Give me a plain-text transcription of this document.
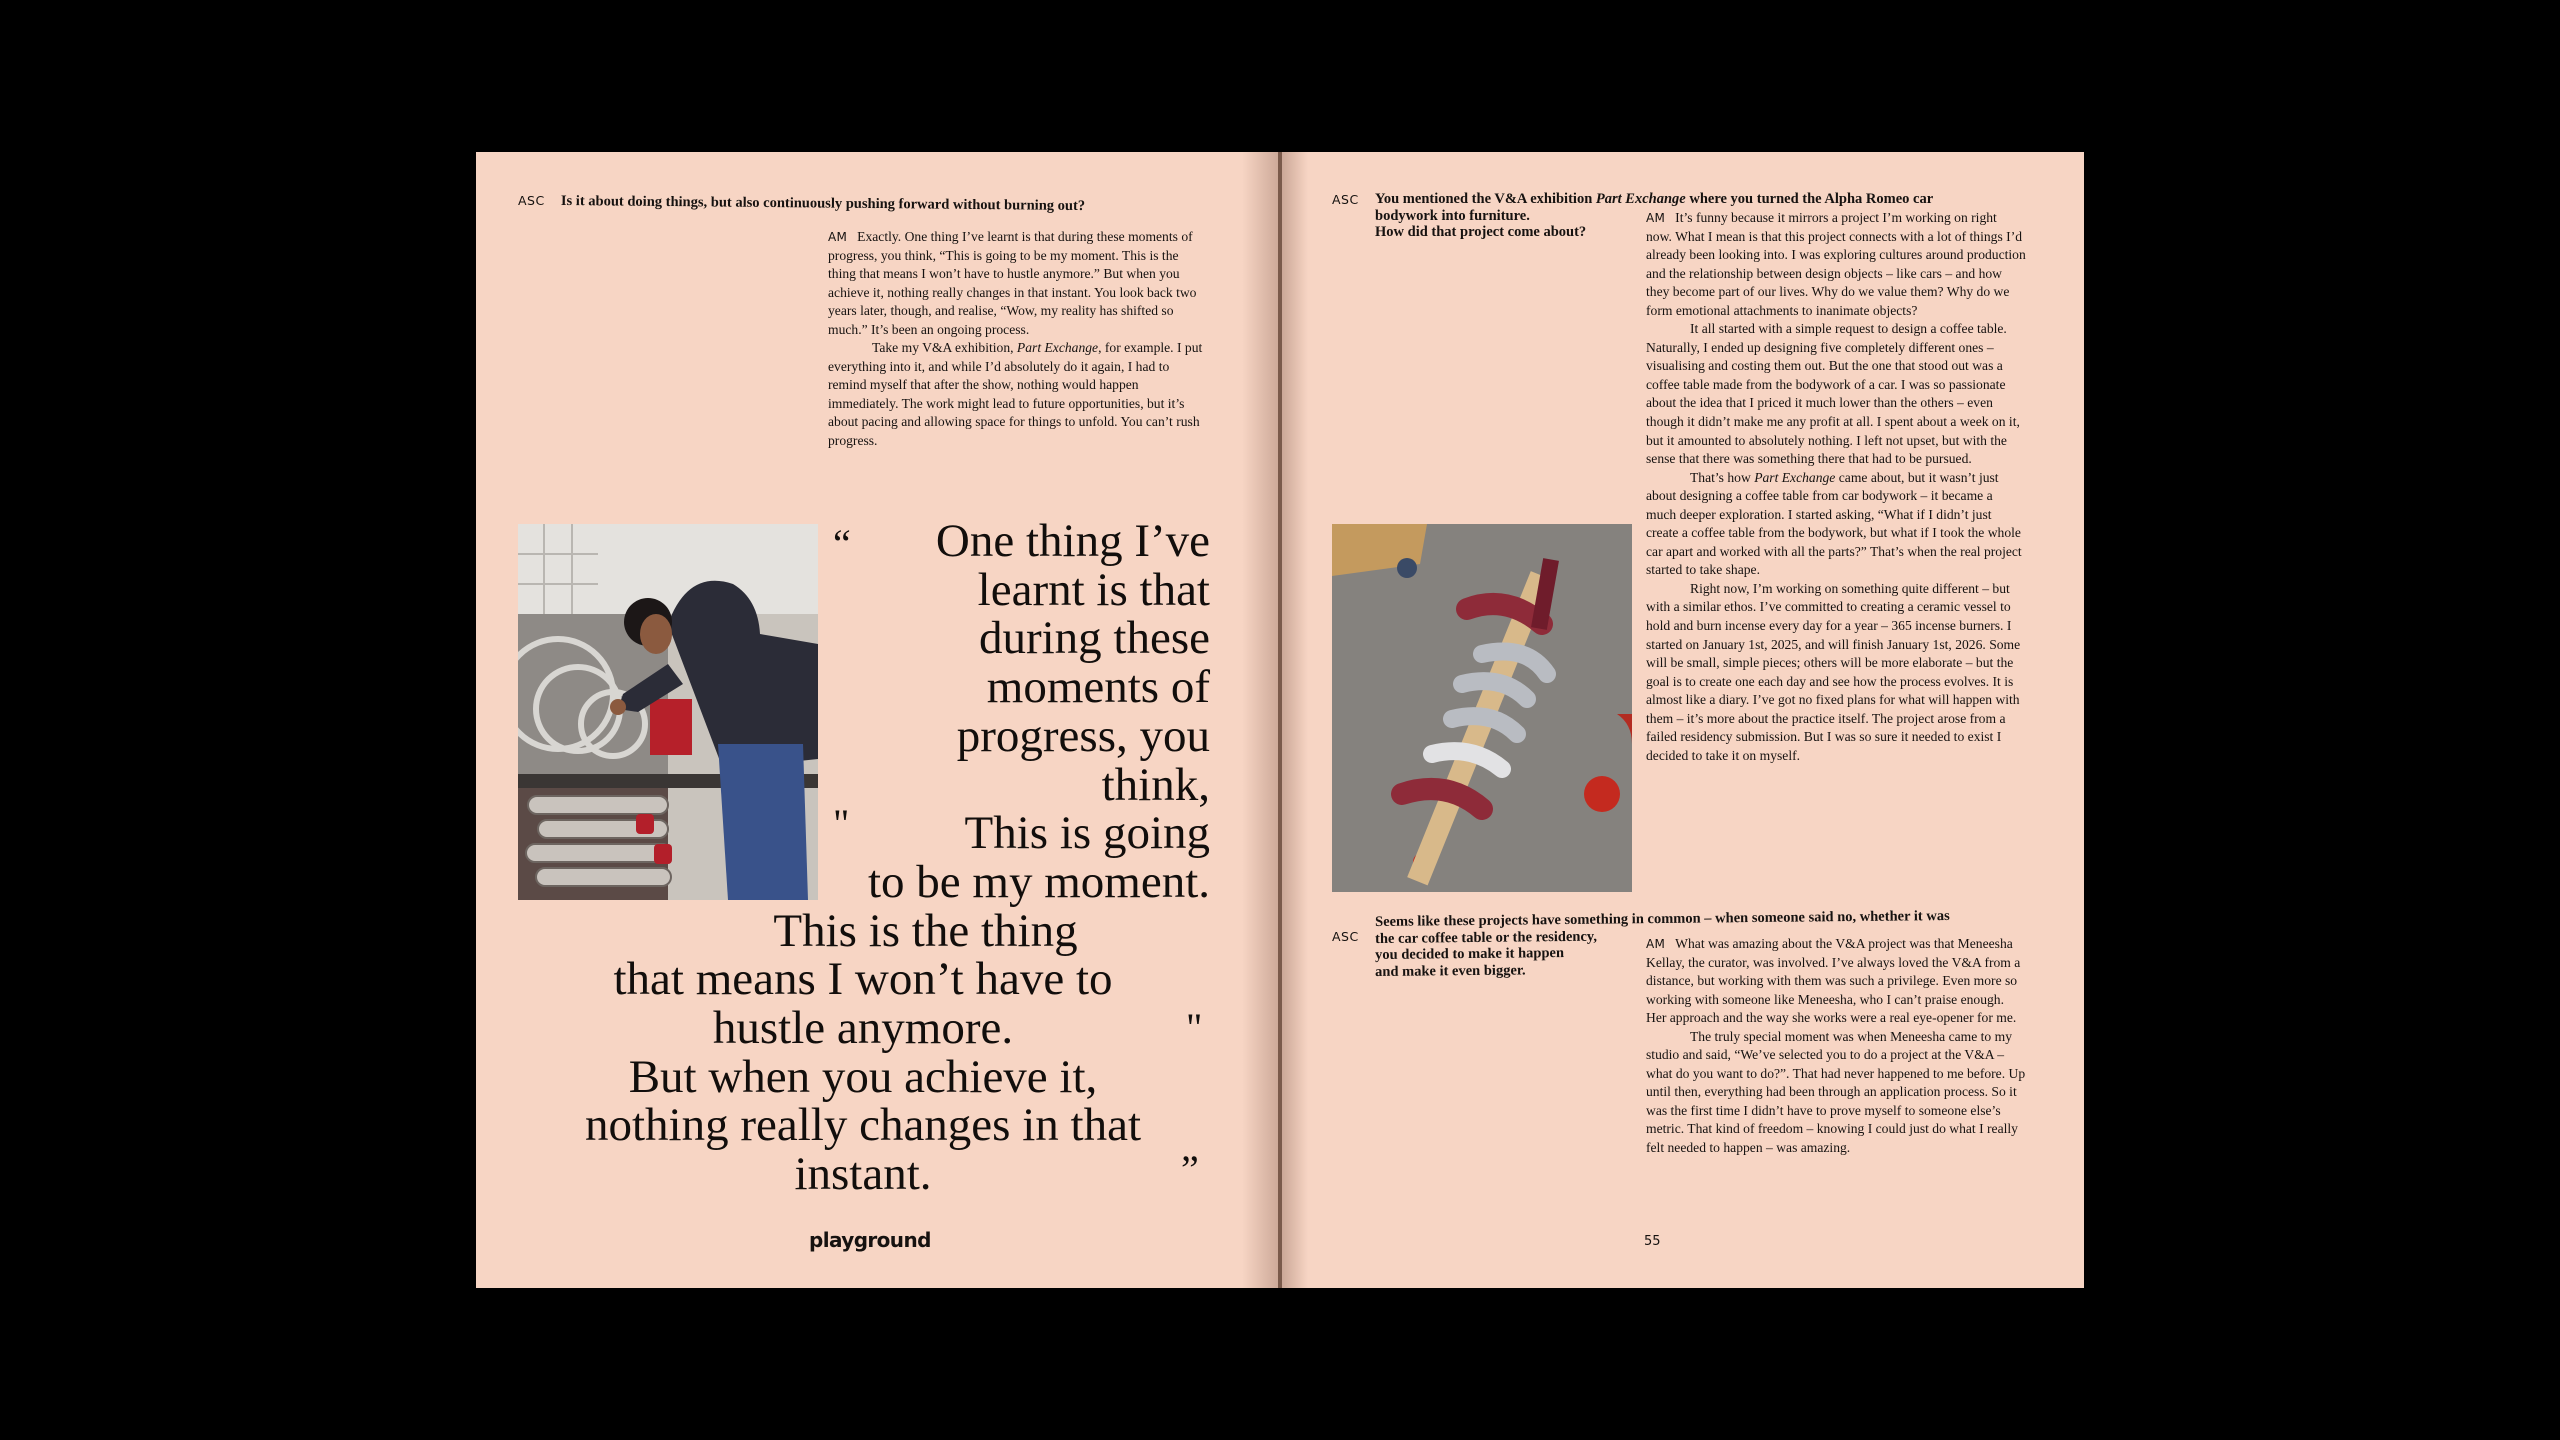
ASC Is it about doing things, but also continuously pushing forward without burning out?

AM Exactly. One thing I’ve learnt is that during these moments of progress, you think, “This is going to be my moment. This is the thing that means I won’t have to hustle anymore.” But when you achieve it, nothing really changes in that instant. You look back two years later, though, and realise, “Wow, my reality has shifted so much.” It’s been an ongoing process.

Take my V&A exhibition, Part Exchange, for example. I put everything into it, and while I’d absolutely do it again, I had to remind myself that after the show, nothing would happen immediately. The work might lead to future opportunities, but it’s about pacing and allowing space for things to unfold. You can’t rush progress.

“
"
"
”
One thing I’ve
learnt is that
during these
moments of
progress, you
think,
This is going
to be my moment.
This is the thing
that means I won’t have to
hustle anymore.
But when you achieve it,
nothing really changes in that
instant.
playground
ASC You mentioned the V&A exhibition Part Exchange where you turned the Alpha Romeo car
bodywork into furniture.
How did that project come about?

AM It’s funny because it mirrors a project I’m working on right now. What I mean is that this project connects with a lot of things I’d already been looking into. I was exploring cultures around production and the relationship between design objects – like cars – and how they become part of our lives. Why do we value them? Why do we form emotional attachments to inanimate objects?

It all started with a simple request to design a coffee table. Naturally, I ended up designing five completely different ones – visualising and costing them out. But the one that stood out was a coffee table made from the bodywork of a car. I was so passionate about the idea that I priced it much lower than the others – even though it didn’t make me any profit at all. I spent about a week on it, but it amounted to absolutely nothing. I left not upset, but with the sense that there was something there that had to be pursued.

That’s how Part Exchange came about, but it wasn’t just about designing a coffee table from car bodywork – it became a much deeper exploration. I started asking, “What if I didn’t just create a coffee table from the bodywork, but what if I took the whole car apart and worked with all the parts?” That’s when the real project started to take shape.

Right now, I’m working on something quite different – but with a similar ethos. I’ve committed to creating a ceramic vessel to hold and burn incense every day for a year – 365 incense burners. I started on January 1st, 2025, and will finish January 1st, 2026. Some will be small, simple pieces; others will be more elaborate – but the goal is to create one each day and see how the process evolves. It is almost like a diary. I’ve got no fixed plans for what will happen with them – it’s more about the practice itself. The project arose from a failed residency submission. But I was so sure it needed to exist I decided to take it on myself.

ASC
Seems like these projects have something in common – when someone said no, whether it was
the car coffee table or the residency,
you decided to make it happen
and make it even bigger.

AM What was amazing about the V&A project was that Meneesha Kellay, the curator, was involved. I’ve always loved the V&A from a distance, but working with them was such a privilege. Even more so working with someone like Meneesha, who I can’t praise enough. Her approach and the way she works were a real eye-opener for me.

The truly special moment was when Meneesha came to my studio and said, “We’ve selected you to do a project at the V&A – what do you want to do?”. That had never happened to me before. Up until then, everything had been through an application process. So it was the first time I didn’t have to prove myself to someone else’s metric. That kind of freedom – knowing I could just do what I really felt needed to happen – was amazing.

55
